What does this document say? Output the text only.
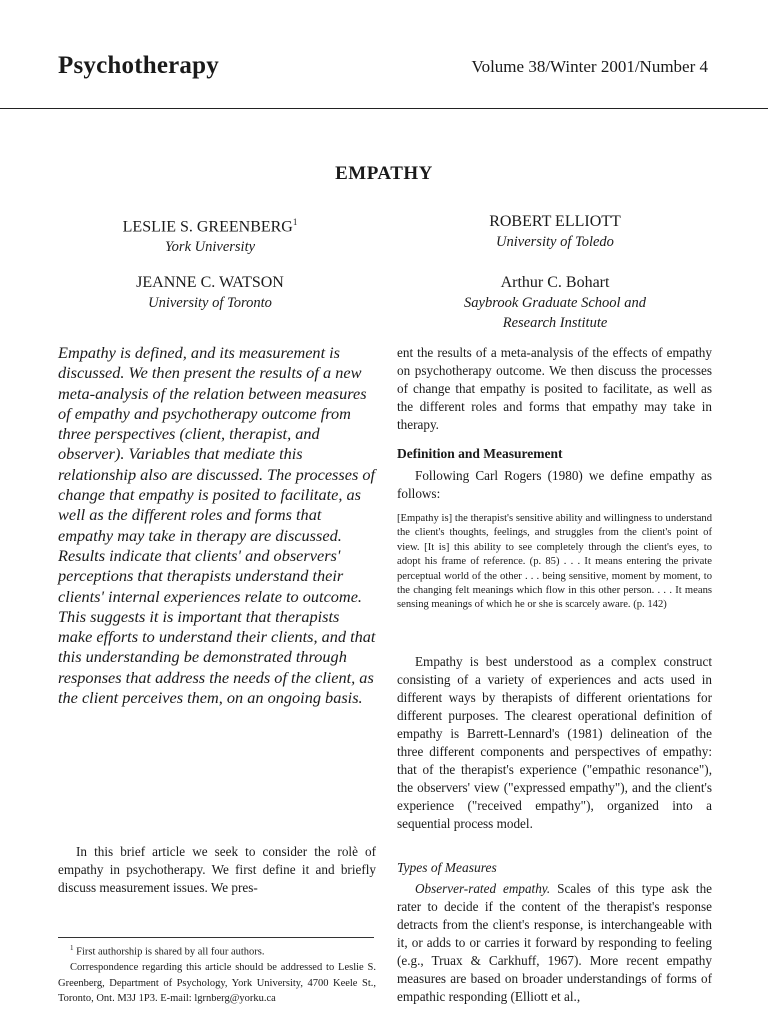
Psychotherapy	Volume 38/Winter 2001/Number 4
EMPATHY
LESLIE S. GREENBERG$^1$
York University
ROBERT ELLIOTT
University of Toledo
JEANNE C. WATSON
University of Toronto
Arthur C. Bohart
Saybrook Graduate School and
Research Institute
Empathy is defined, and its measurement is discussed. We then present the results of a new meta-analysis of the relation between measures of empathy and psychotherapy outcome from three perspectives (client, therapist, and observer). Variables that mediate this relationship also are discussed. The processes of change that empathy is posited to facilitate, as well as the different roles and forms that empathy may take in therapy are discussed. Results indicate that clients' and observers' perceptions that therapists understand their clients' internal experiences relate to outcome. This suggests it is important that therapists make efforts to understand their clients, and that this understanding be demonstrated through responses that address the needs of the client, as the client perceives them, on an ongoing basis.
In this brief article we seek to consider the rolè of empathy in psychotherapy. We first define it and briefly discuss measurement issues. We pres-

$^1$ First authorship is shared by all four authors.

Correspondence regarding this article should be addressed to Leslie S. Greenberg, Department of Psychology, York University, 4700 Keele St., Toronto, Ont. M3J 1P3. E-mail: lgrnberg@yorku.ca

ent the results of a meta-analysis of the effects of empathy on psychotherapy outcome. We then discuss the processes of change that empathy is posited to facilitate, as well as the different roles and forms that empathy may take in therapy.

Definition and Measurement

Following Carl Rogers (1980) we define empathy as follows:

[Empathy is] the therapist's sensitive ability and willingness to understand the client's thoughts, feelings, and struggles from the client's point of view. [It is] this ability to see completely through the client's eyes, to adopt his frame of reference. (p. 85) . . . It means entering the private perceptual world of the other . . . being sensitive, moment by moment, to the changing felt meanings which flow in this other person. . . . It means sensing meanings of which he or she is scarcely aware. (p. 142)

Empathy is best understood as a complex construct consisting of a variety of experiences and acts used in different ways by therapists of different orientations for different purposes. The clearest operational definition of empathy is Barrett-Lennard's (1981) delineation of the three different components and perspectives of empathy: that of the therapist's experience ("empathic resonance"), the observers' view ("expressed empathy"), and the client's experience ("received empathy"), organized into a sequential process model.

Types of Measures

Observer-rated empathy. Scales of this type ask the rater to decide if the content of the therapist's response detracts from the client's response, is interchangeable with it, or adds to or carries it forward by responding to feeling (e.g., Truax & Carkhuff, 1967). More recent empathy measures are based on broader understandings of forms of empathic responding (Elliott et al.,
